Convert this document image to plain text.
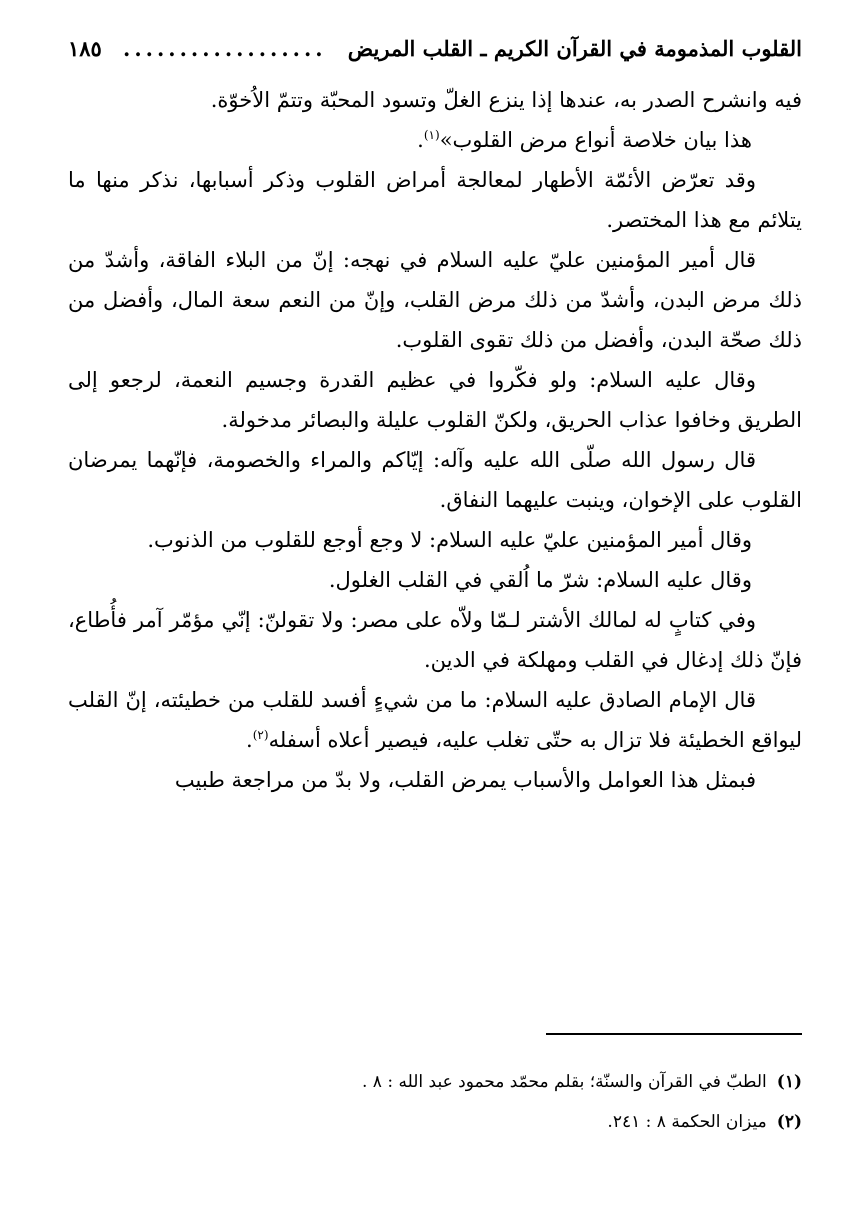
القلوب المذمومة في القرآن الكريم ـ القلب المريض
..................
١٨٥

فيه وانشرح الصدر به، عندها إذا ينزع الغلّ وتسود المحبّة وتتمّ الاُخوّة.

هذا بيان خلاصة أنواع مرض القلوب»$^{(١)}$.

وقد تعرّض الأئمّة الأطهار لمعالجة أمراض القلوب وذكر أسبابها، نذكر منها ما يتلائم مع هذا المختصر.

قال أمير المؤمنين عليّ عليه السلام في نهجه: إنّ من البلاء الفاقة، وأشدّ من ذلك مرض البدن، وأشدّ من ذلك مرض القلب، وإنّ من النعم سعة المال، وأفضل من ذلك صحّة البدن، وأفضل من ذلك تقوى القلوب.

وقال عليه السلام: ولو فكّروا في عظيم القدرة وجسيم النعمة، لرجعو إلى الطريق وخافوا عذاب الحريق، ولكنّ القلوب عليلة والبصائر مدخولة.

قال رسول الله صلّى الله عليه وآله: إيّاكم والمراء والخصومة، فإنّهما يمرضان القلوب على الإخوان، وينبت عليهما النفاق.

وقال أمير المؤمنين عليّ عليه السلام: لا وجع أوجع للقلوب من الذنوب.

وقال عليه السلام: شرّ ما اُلقي في القلب الغلول.

وفي كتابٍ له لمالك الأشتر لـمّا ولاّه على مصر: ولا تقولنّ: إنّي مؤمّر آمر فأُطاع، فإنّ ذلك إدغال في القلب ومهلكة في الدين.

قال الإمام الصادق عليه السلام: ما من شيءٍ أفسد للقلب من خطيئته، إنّ القلب ليواقع الخطيئة فلا تزال به حتّى تغلب عليه، فيصير أعلاه أسفله$^{(٢)}$.

فبمثل هذا العوامل والأسباب يمرض القلب، ولا بدّ من مراجعة طبيب

(١)الطبّ في القرآن والسنّة؛ بقلم محمّد محمود عبد الله : ٨ .

(٢)ميزان الحكمة ٨ : ٢٤١.
